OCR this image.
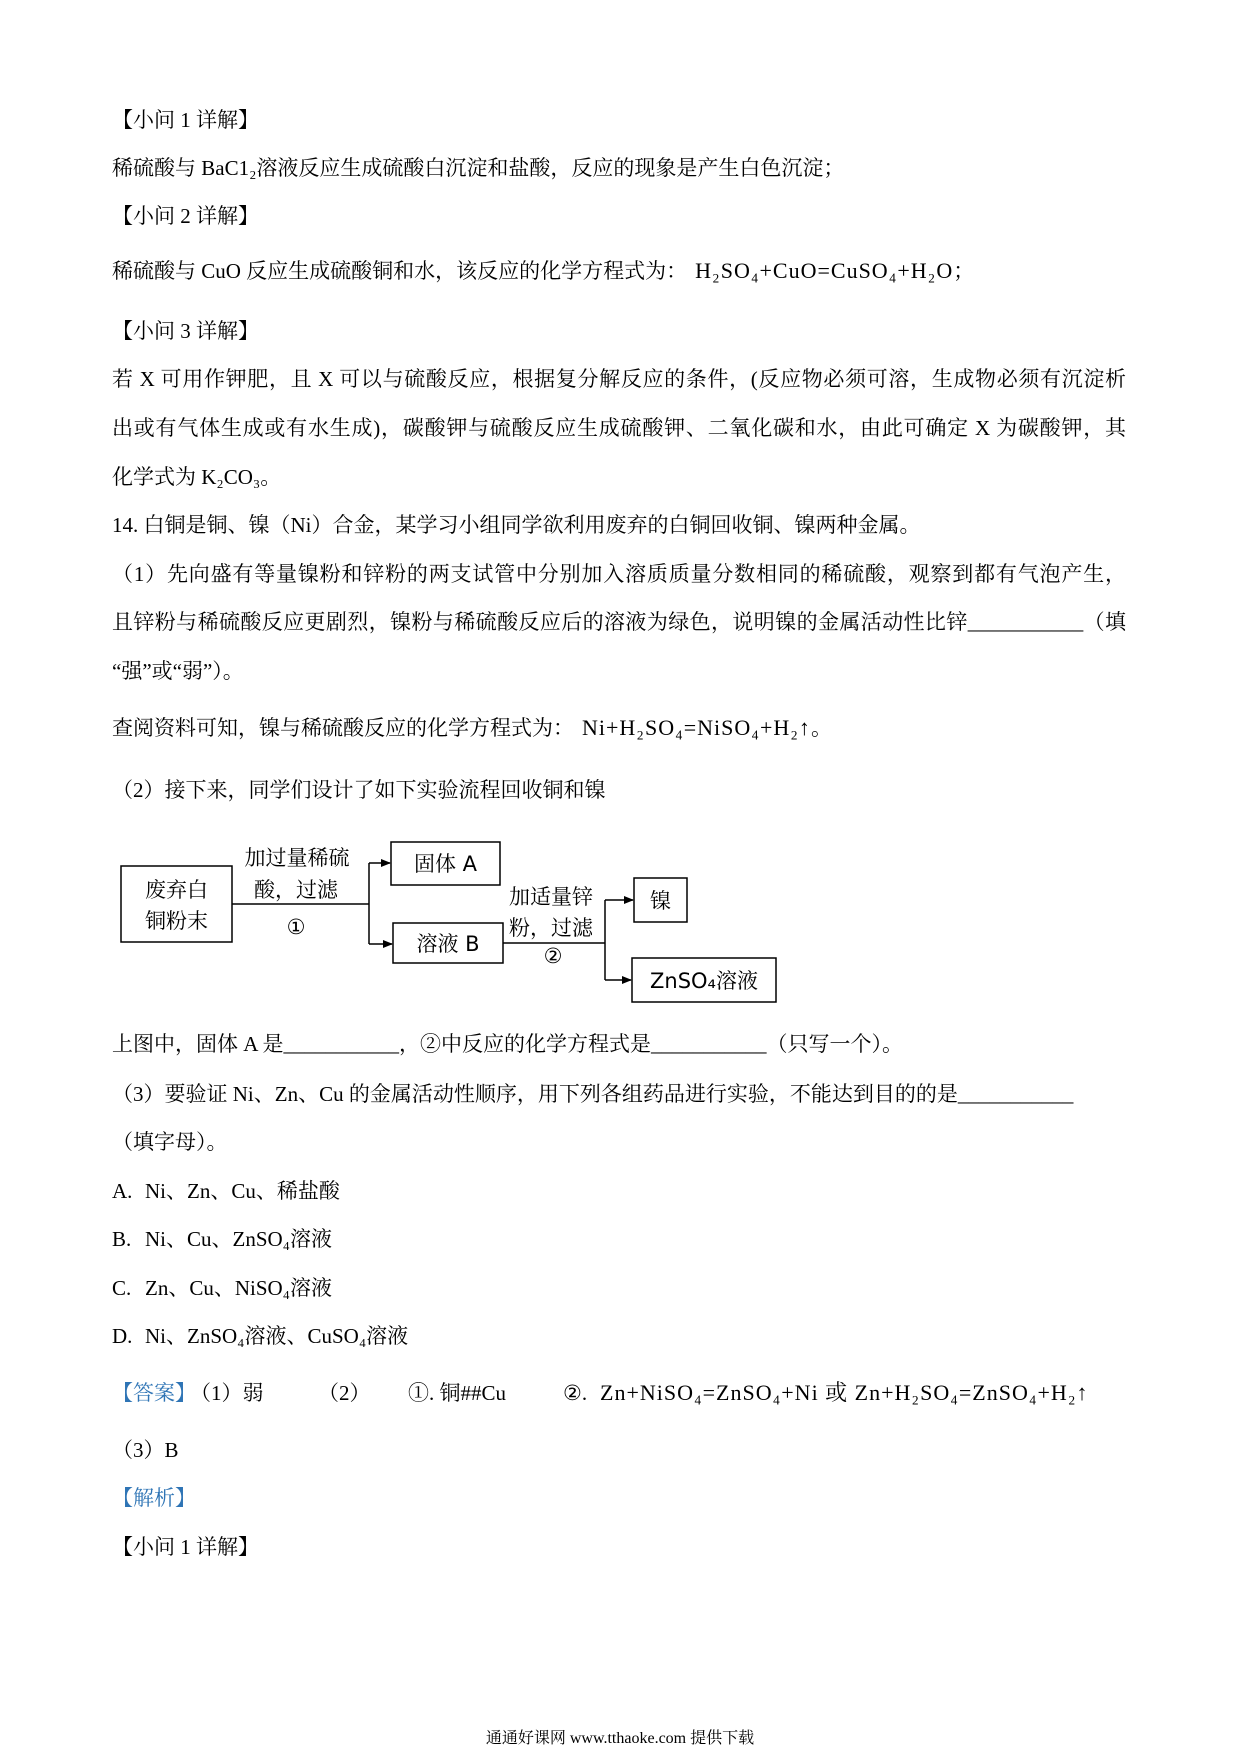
【小问 1 详解】
稀硫酸与 BaC1₂溶液反应生成硫酸白沉淀和盐酸，反应的现象是产生白色沉淀；
【小问 2 详解】
稀硫酸与 CuO 反应生成硫酸铜和水，该反应的化学方程式为： H₂SO₄+CuO=CuSO₄+H₂O；
【小问 3 详解】
若 X 可用作钾肥，且 X 可以与硫酸反应，根据复分解反应的条件，(反应物必须可溶，生成物必须有沉淀析
出或有气体生成或有水生成)，碳酸钾与硫酸反应生成硫酸钾、二氧化碳和水，由此可确定 X 为碳酸钾，其
化学式为 K₂CO₃。
14. 白铜是铜、镍（Ni）合金，某学习小组同学欲利用废弃的白铜回收铜、镍两种金属。
（1）先向盛有等量镍粉和锌粉的两支试管中分别加入溶质质量分数相同的稀硫酸，观察到都有气泡产生，
且锌粉与稀硫酸反应更剧烈，镍粉与稀硫酸反应后的溶液为绿色，说明镍的金属活动性比锌___________（填
“强”或“弱”）。
查阅资料可知，镍与稀硫酸反应的化学方程式为： Ni+H₂SO₄=NiSO₄+H₂↑。
（2）接下来，同学们设计了如下实验流程回收铜和镍
废弃白
铜粉末
加过量稀硫
酸，过滤
①
固体 A
溶液 B
加适量锌
粉，过滤
②
镍
ZnSO₄溶液
上图中，固体 A 是___________，②中反应的化学方程式是___________（只写一个）。
（3）要验证 Ni、Zn、Cu 的金属活动性顺序，用下列各组药品进行实验，不能达到目的的是___________
（填字母）。
A. Ni、Zn、Cu、稀盐酸
B. Ni、Cu、ZnSO₄溶液
C. Zn、Cu、NiSO₄溶液
D. Ni、ZnSO₄溶液、CuSO₄溶液
【答案】
（1）弱	（2） ①. 铜##Cu	②. Zn+NiSO₄=ZnSO₄+Ni 或 Zn+H₂SO₄=ZnSO₄+H₂↑
（3）B
【解析】
【小问 1 详解】
通通好课网 www.tthaoke.com 提供下载
